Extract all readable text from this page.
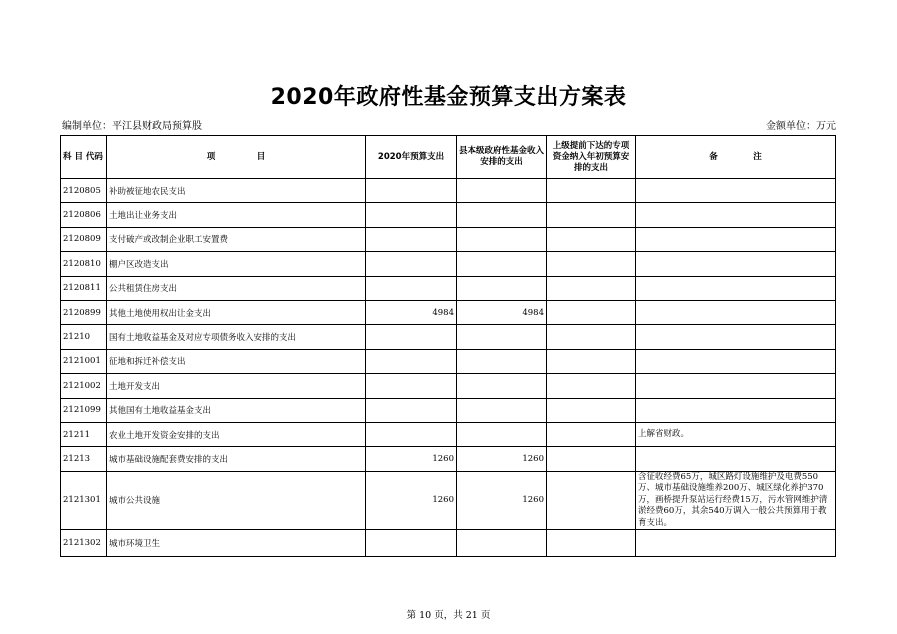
2020年政府性基金预算支出方案表
编制单位：平江县财政局预算股	金额单位：万元
科 目 代码	项              目	2020年预算支出	县本级政府性基金收入安排的支出	上级提前下达的专项资金纳入年初预算安排的支出	备            注
2120805	补助被征地农民支出				
2120806	土地出让业务支出				
2120809	支付破产或改制企业职工安置费				
2120810	棚户区改造支出				
2120811	公共租赁住房支出				
2120899	其他土地使用权出让金支出	4984	4984		
21210	国有土地收益基金及对应专项债务收入安排的支出				
2121001	征地和拆迁补偿支出				
2121002	土地开发支出				
2121099	其他国有土地收益基金支出				
21211	农业土地开发资金安排的支出				上解省财政。
21213	城市基础设施配套费安排的支出	1260	1260		
2121301	城市公共设施	1260	1260		含征收经费65万，城区路灯设施维护及电费550万、城市基础设施维养200万、城区绿化养护370万，画桥提升泵站运行经费15万，污水管网维护清淤经费60万，其余540万调入一般公共预算用于教育支出。
2121302	城市环境卫生				
第 10 页，共 21 页
